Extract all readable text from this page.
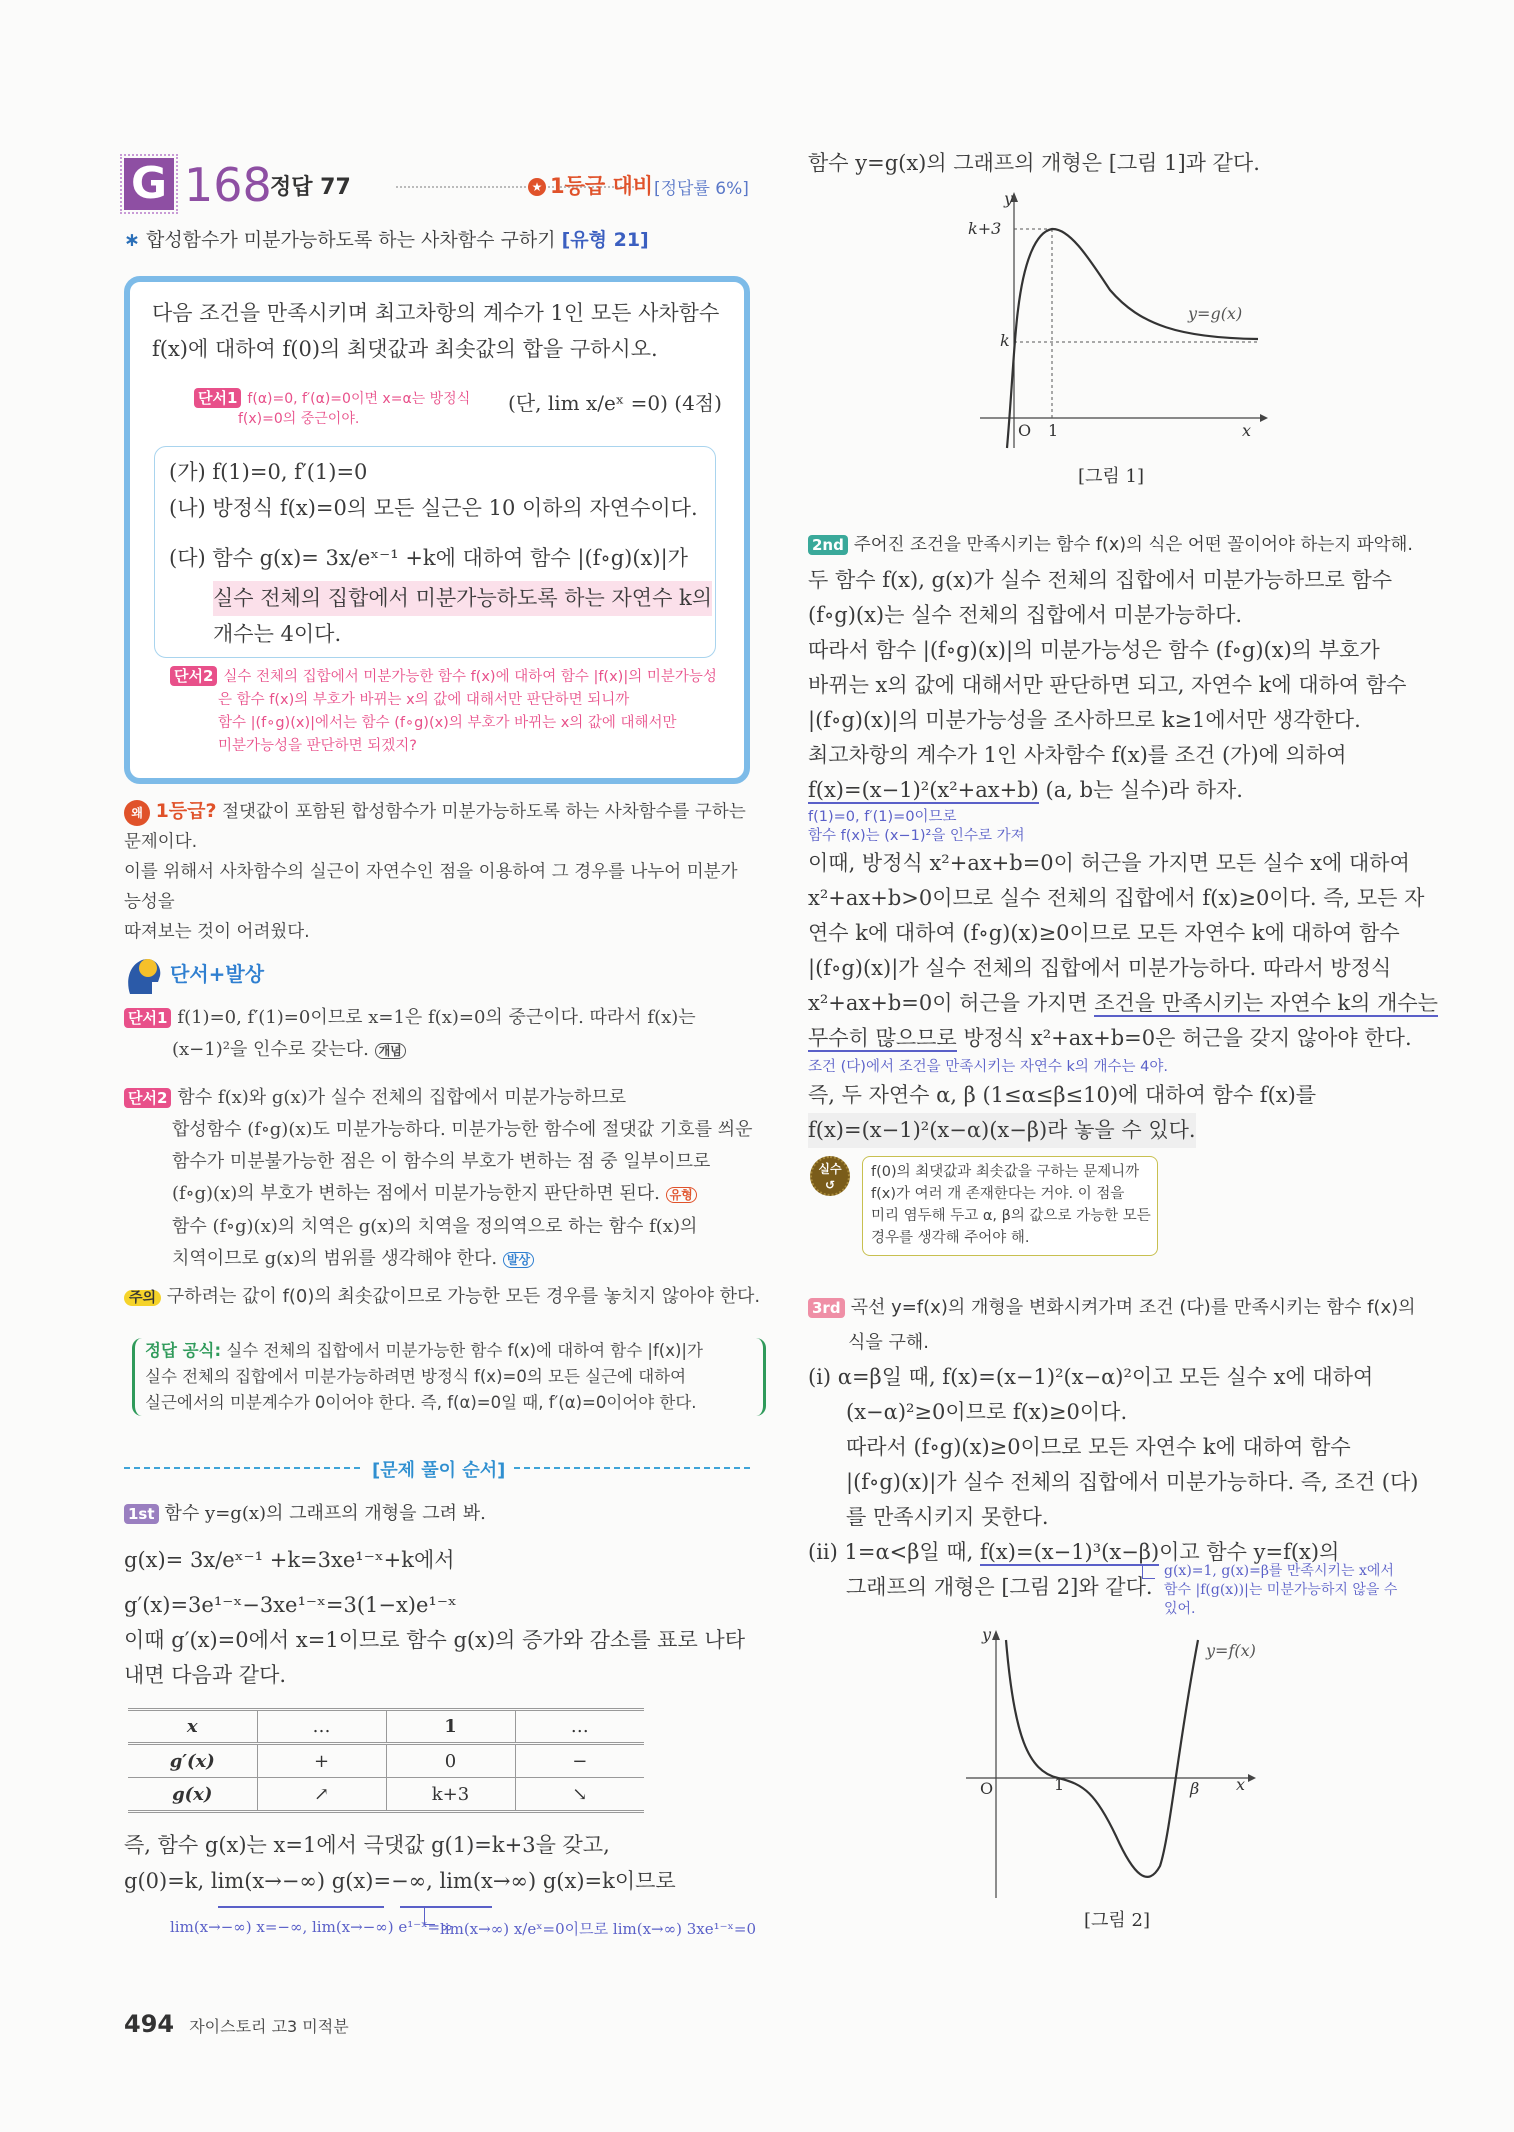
G 168
정답 77	★ 1등급 대비 [정답률 6%]
∗ 합성함수가 미분가능하도록 하는 사차함수 구하기 [유형 21]
다음 조건을 만족시키며 최고차항의 계수가 1인 모든 사차함수
f(x)에 대하여 f(0)의 최댓값과 최솟값의 합을 구하시오.
단서1 f(α)=0, f′(α)=0이면 x=α는 방정식
f(x)=0의 중근이야.
(단, lim x/eˣ =0) (4점)
(가) f(1)=0, f′(1)=0
(나) 방정식 f(x)=0의 모든 실근은 10 이하의 자연수이다.
(다) 함수 g(x)= 3x/eˣ⁻¹ +k에 대하여 함수 |(f∘g)(x)|가
실수 전체의 집합에서 미분가능하도록 하는 자연수 k의
개수는 4이다.
단서2 실수 전체의 집합에서 미분가능한 함수 f(x)에 대하여 함수 |f(x)|의 미분가능성
은 함수 f(x)의 부호가 바뀌는 x의 값에 대해서만 판단하면 되니까
함수 |(f∘g)(x)|에서는 함수 (f∘g)(x)의 부호가 바뀌는 x의 값에 대해서만
미분가능성을 판단하면 되겠지?
왜 1등급? 절댓값이 포함된 합성함수가 미분가능하도록 하는 사차함수를 구하는
문제이다.
이를 위해서 사차함수의 실근이 자연수인 점을 이용하여 그 경우를 나누어 미분가능성을
따져보는 것이 어려웠다.
단서+발상
단서1 f(1)=0, f′(1)=0이므로 x=1은 f(x)=0의 중근이다. 따라서 f(x)는
(x−1)²을 인수로 갖는다. 개념
단서2 함수 f(x)와 g(x)가 실수 전체의 집합에서 미분가능하므로
합성함수 (f∘g)(x)도 미분가능하다. 미분가능한 함수에 절댓값 기호를 씌운
함수가 미분불가능한 점은 이 함수의 부호가 변하는 점 중 일부이므로
(f∘g)(x)의 부호가 변하는 점에서 미분가능한지 판단하면 된다. 유형
함수 (f∘g)(x)의 치역은 g(x)의 치역을 정의역으로 하는 함수 f(x)의
치역이므로 g(x)의 범위를 생각해야 한다. 발상
주의 구하려는 값이 f(0)의 최솟값이므로 가능한 모든 경우를 놓치지 않아야 한다.
정답 공식: 실수 전체의 집합에서 미분가능한 함수 f(x)에 대하여 함수 |f(x)|가
실수 전체의 집합에서 미분가능하려면 방정식 f(x)=0의 모든 실근에 대하여
실근에서의 미분계수가 0이어야 한다. 즉, f(α)=0일 때, f′(α)=0이어야 한다.
[문제 풀이 순서]
1st 함수 y=g(x)의 그래프의 개형을 그려 봐.
g(x)= 3x/eˣ⁻¹ +k=3xe¹⁻ˣ+k에서
g′(x)=3e¹⁻ˣ−3xe¹⁻ˣ=3(1−x)e¹⁻ˣ
이때 g′(x)=0에서 x=1이므로 함수 g(x)의 증가와 감소를 표로 나타
내면 다음과 같다.
x	…	1	…
g′(x)	+	0	−
g(x)	↗	k+3	↘
즉, 함수 g(x)는 x=1에서 극댓값 g(1)=k+3을 갖고,
g(0)=k, lim(x→−∞) g(x)=−∞, lim(x→∞) g(x)=k이므로
lim(x→−∞) x=−∞, lim(x→−∞) e¹⁻ˣ=∞
lim(x→∞) x/eˣ=0이므로 lim(x→∞) 3xe¹⁻ˣ=0
494 자이스토리 고3 미적분
함수 y=g(x)의 그래프의 개형은 [그림 1]과 같다.
y
k+3
k
y=g(x)
O 1	x
[그림 1]
2nd 주어진 조건을 만족시키는 함수 f(x)의 식은 어떤 꼴이어야 하는지 파악해.
두 함수 f(x), g(x)가 실수 전체의 집합에서 미분가능하므로 함수
(f∘g)(x)는 실수 전체의 집합에서 미분가능하다.
따라서 함수 |(f∘g)(x)|의 미분가능성은 함수 (f∘g)(x)의 부호가
바뀌는 x의 값에 대해서만 판단하면 되고, 자연수 k에 대하여 함수
|(f∘g)(x)|의 미분가능성을 조사하므로 k≥1에서만 생각한다.
최고차항의 계수가 1인 사차함수 f(x)를 조건 (가)에 의하여
f(x)=(x−1)²(x²+ax+b) (a, b는 실수)라 하자.
f(1)=0, f′(1)=0이므로
함수 f(x)는 (x−1)²을 인수로 가져
이때, 방정식 x²+ax+b=0이 허근을 가지면 모든 실수 x에 대하여
x²+ax+b>0이므로 실수 전체의 집합에서 f(x)≥0이다. 즉, 모든 자
연수 k에 대하여 (f∘g)(x)≥0이므로 모든 자연수 k에 대하여 함수
|(f∘g)(x)|가 실수 전체의 집합에서 미분가능하다. 따라서 방정식
x²+ax+b=0이 허근을 가지면 조건을 만족시키는 자연수 k의 개수는
무수히 많으므로 방정식 x²+ax+b=0은 허근을 갖지 않아야 한다.
조건 (다)에서 조건을 만족시키는 자연수 k의 개수는 4야.
즉, 두 자연수 α, β (1≤α≤β≤10)에 대하여 함수 f(x)를
f(x)=(x−1)²(x−α)(x−β)라 놓을 수 있다.
실수
↺
f(0)의 최댓값과 최솟값을 구하는 문제니까
f(x)가 여러 개 존재한다는 거야. 이 점을
미리 염두해 두고 α, β의 값으로 가능한 모든
경우를 생각해 주어야 해.
3rd 곡선 y=f(x)의 개형을 변화시켜가며 조건 (다)를 만족시키는 함수 f(x)의
식을 구해.
(i) α=β일 때, f(x)=(x−1)²(x−α)²이고 모든 실수 x에 대하여
(x−α)²≥0이므로 f(x)≥0이다.
따라서 (f∘g)(x)≥0이므로 모든 자연수 k에 대하여 함수
|(f∘g)(x)|가 실수 전체의 집합에서 미분가능하다. 즉, 조건 (다)
를 만족시키지 못한다.
(ii) 1=α<β일 때, f(x)=(x−1)³(x−β)이고 함수 y=f(x)의
그래프의 개형은 [그림 2]와 같다.
g(x)=1, g(x)=β를 만족시키는 x에서
함수 |f(g(x))|는 미분가능하지 않을 수
있어.
y
y=f(x)
O	1	β x
[그림 2]
